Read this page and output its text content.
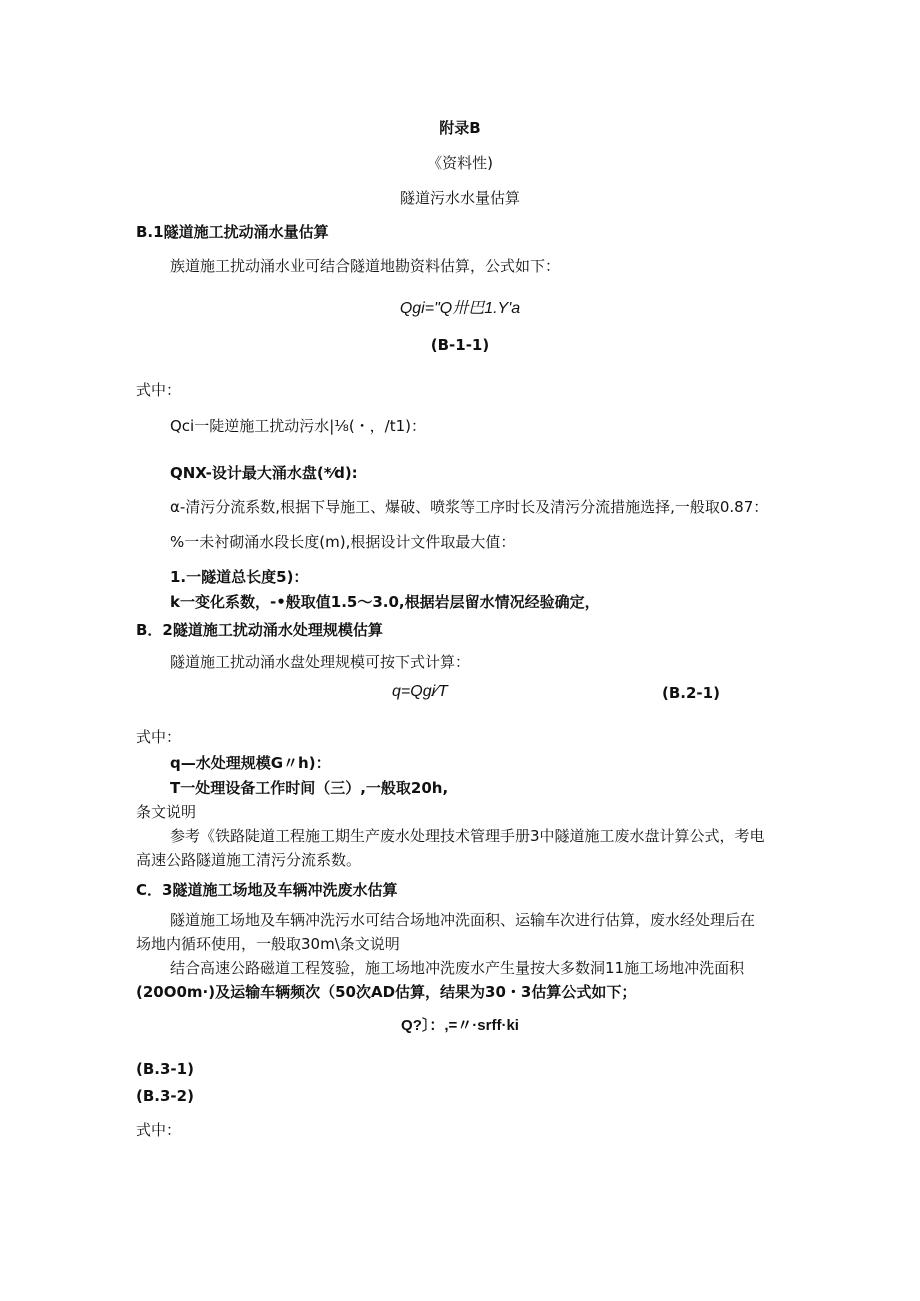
附录B
《资料性)
隧道污水水量估算
B.1隧道施工扰动涌水量估算
族道施工扰动涌水业可结合隧道地勘资料估算，公式如下：
Qgi="Q卅巴1.Y'a
(B-1-1)
式中：
Qci一陡逆施工扰动污水|⅛(・，/t1)：
QNX-设计最大涌水盘(*⁄d):
α-清污分流系数,根据下导施工、爆破、喷浆等工序时长及清污分流措施选择,一般取0.87：
%一未衬砌涌水段长度(m),根据设计文件取最大值：
1.一隧道总长度5)：
k一变化系数，-•般取值1.5〜3.0,根据岩层留水情况经验确定，
B．2隧道施工扰动涌水处理规模估算
隧道施工扰动涌水盘处理规模可按下式计算：
q=Qgi∕T	(B.2-1)
式中：
q—水处理规模G〃h)：
T一处理设备工作时间（三）,一般取20h,
条文说明
参考《铁路陡道工程施工期生产废水处理技术管理手册3中隧道施工废水盘计算公式，考电
高速公路隧道施工清污分流系数。
C．3隧道施工场地及车辆冲洗废水估算
隧道施工场地及车辆冲洗污水可结合场地冲洗面积、运输车次进行估算，废水经处理后在
场地内循环使用，一般取30m\条文说明
结合高速公路磁道工程笈验，施工场地冲洗废水产生量按大多数洞11施工场地冲洗面积
(20O0m·)及运输车辆频次（50次AD估算，结果为30・3估算公式如下；
Q?〕：,=〃·srff·ki
(B.3-1)
(B.3-2)
式中：
